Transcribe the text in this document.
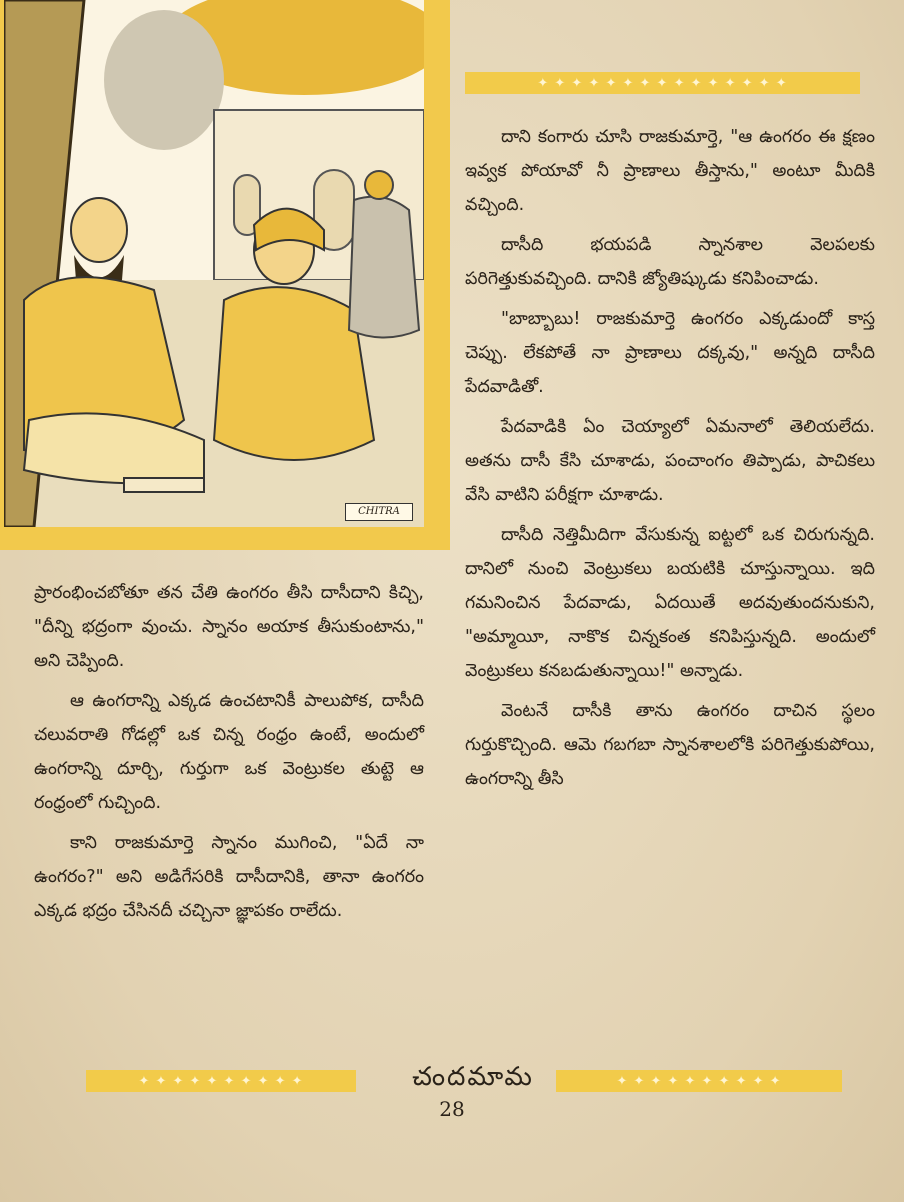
CHITRA
✦ ✦ ✦ ✦ ✦ ✦ ✦ ✦ ✦ ✦ ✦ ✦ ✦ ✦ ✦

దాని కంగారు చూసి రాజకుమార్తె, "ఆ ఉంగరం ఈ క్షణం ఇవ్వక పోయావో నీ ప్రాణాలు తీస్తాను," అంటూ మీదికి వచ్చింది.

దాసీది భయపడి స్నానశాల వెలపలకు పరిగెత్తుకువచ్చింది. దానికి జ్యోతిష్కుడు కనిపించాడు.

"బాబ్బాబు! రాజకుమార్తె ఉంగరం ఎక్కడుందో కాస్త చెప్పు. లేకపోతే నా ప్రాణాలు దక్కవు," అన్నది దాసీది పేదవాడితో.

పేదవాడికి ఏం చెయ్యాలో ఏమనాలో తెలియలేదు. అతను దాసీ కేసి చూశాడు, పంచాంగం తిప్పాడు, పాచికలు వేసి వాటిని పరీక్షగా చూశాడు.

దాసీది నెత్తిమీదిగా వేసుకున్న ఐట్టలో ఒక చిరుగున్నది. దానిలో నుంచి వెంట్రుకలు బయటికి చూస్తున్నాయి. ఇది గమనించిన పేదవాడు, ఏదయితే అదవుతుందనుకుని, "అమ్మాయీ, నాకొక చిన్నకంత కనిపిస్తున్నది. అందులో వెంట్రుకలు కనబడుతున్నాయి!" అన్నాడు.

వెంటనే దాసీకి తాను ఉంగరం దాచిన స్థలం గుర్తుకొచ్చింది. ఆమె గబగబా స్నానశాలలోకి పరిగెత్తుకుపోయి, ఉంగరాన్ని తీసి

ప్రారంభించబోతూ తన చేతి ఉంగరం తీసి దాసీదాని కిచ్చి, "దీన్ని భద్రంగా వుంచు. స్నానం అయాక తీసుకుంటాను," అని చెప్పింది.

ఆ ఉంగరాన్ని ఎక్కడ ఉంచటానికీ పాలుపోక, దాసీది చలువరాతి గోడల్లో ఒక చిన్న రంధ్రం ఉంటే, అందులో ఉంగరాన్ని దూర్చి, గుర్తుగా ఒక వెంట్రుకల తుట్టె ఆ రంధ్రంలో గుచ్చింది.

కాని రాజకుమార్తె స్నానం ముగించి, "ఏదే నా ఉంగరం?" అని అడిగేసరికి దాసీదానికి, తానా ఉంగరం ఎక్కడ భద్రం చేసినదీ చచ్చినా జ్ఞాపకం రాలేదు.

✦ ✦ ✦ ✦ ✦ ✦ ✦ ✦ ✦ ✦	చందమామ	✦ ✦ ✦ ✦ ✦ ✦ ✦ ✦ ✦ ✦
28
